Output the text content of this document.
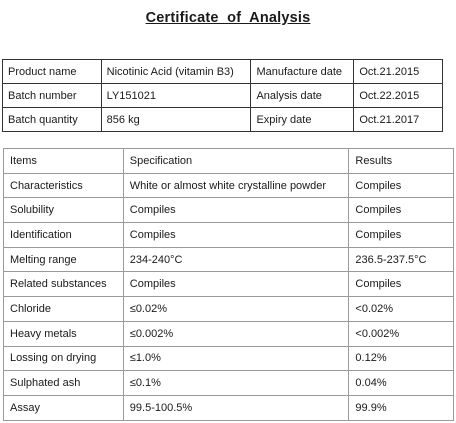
Certificate  of  Analysis
Product name	Nicotinic Acid (vitamin B3)	Manufacture date	Oct.21.2015
Batch number	LY151021	Analysis date	Oct.22.2015
Batch quantity	856 kg	Expiry date	Oct.21.2017
Items	Specification	Results
Characteristics	White or almost white crystalline powder	Compiles
Solubility	Compiles	Compiles
Identification	Compiles	Compiles
Melting range	234-240°C	236.5-237.5°C
Related substances	Compiles	Compiles
Chloride	≤0.02%	<0.02%
Heavy metals	≤0.002%	<0.002%
Lossing on drying	≤1.0%	0.12%
Sulphated ash	≤0.1%	0.04%
Assay	99.5-100.5%	99.9%
